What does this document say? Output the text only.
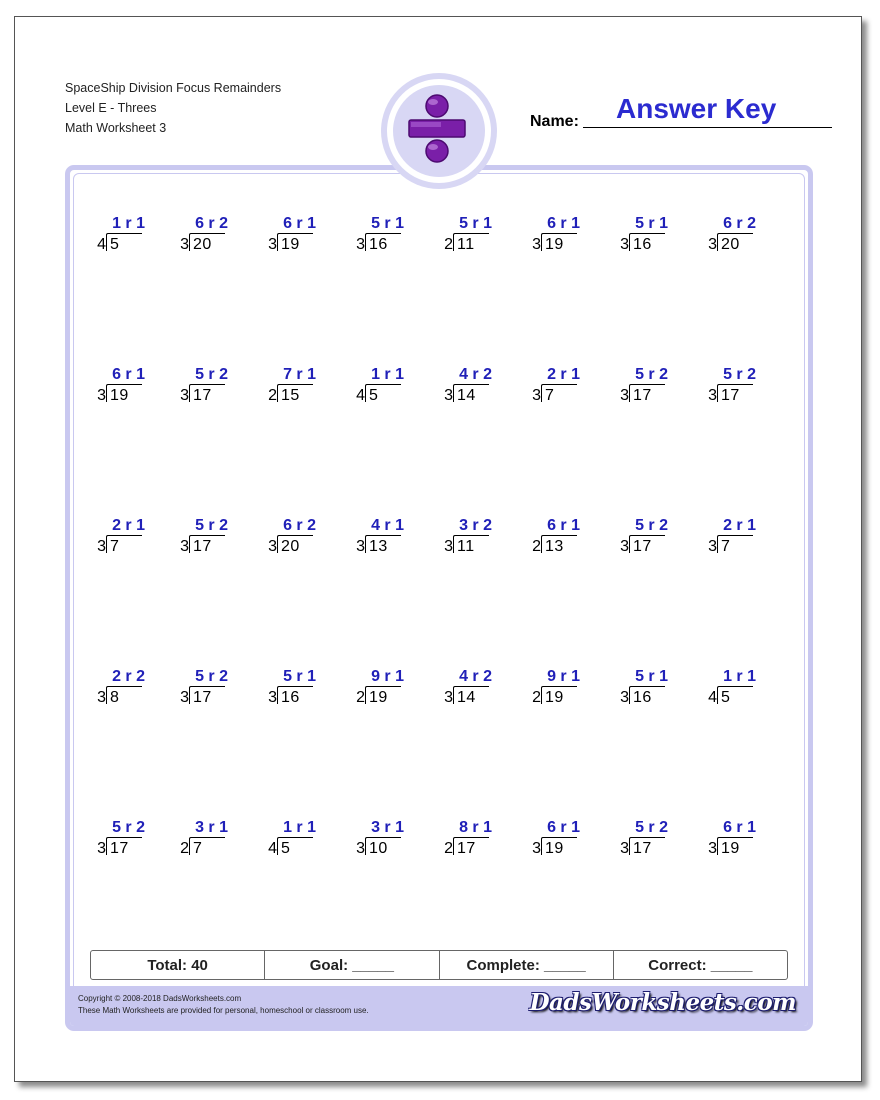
SpaceShip Division Focus Remainders
Level E - Threes
Math Worksheet 3	Name: Answer Key
Copyright © 2008-2018 DadsWorksheets.com
These Math Worksheets are provided for personal, homeschool or classroom use.	DadsWorksheets.com
1 r 1
4 5
6 r 2
3 20
6 r 1
3 19
5 r 1
3 16
5 r 1
2 11
6 r 1
3 19
5 r 1
3 16
6 r 2
3 20
6 r 1
3 19
5 r 2
3 17
7 r 1
2 15
1 r 1
4 5
4 r 2
3 14
2 r 1
3 7
5 r 2
3 17
5 r 2
3 17
2 r 1
3 7
5 r 2
3 17
6 r 2
3 20
4 r 1
3 13
3 r 2
3 11
6 r 1
2 13
5 r 2
3 17
2 r 1
3 7
2 r 2
3 8
5 r 2
3 17
5 r 1
3 16
9 r 1
2 19
4 r 2
3 14
9 r 1
2 19
5 r 1
3 16
1 r 1
4 5
5 r 2
3 17
3 r 1
2 7
1 r 1
4 5
3 r 1
3 10
8 r 1
2 17
6 r 1
3 19
5 r 2
3 17
6 r 1
3 19
Total: 40	Goal: _____	Complete: _____	Correct: _____
